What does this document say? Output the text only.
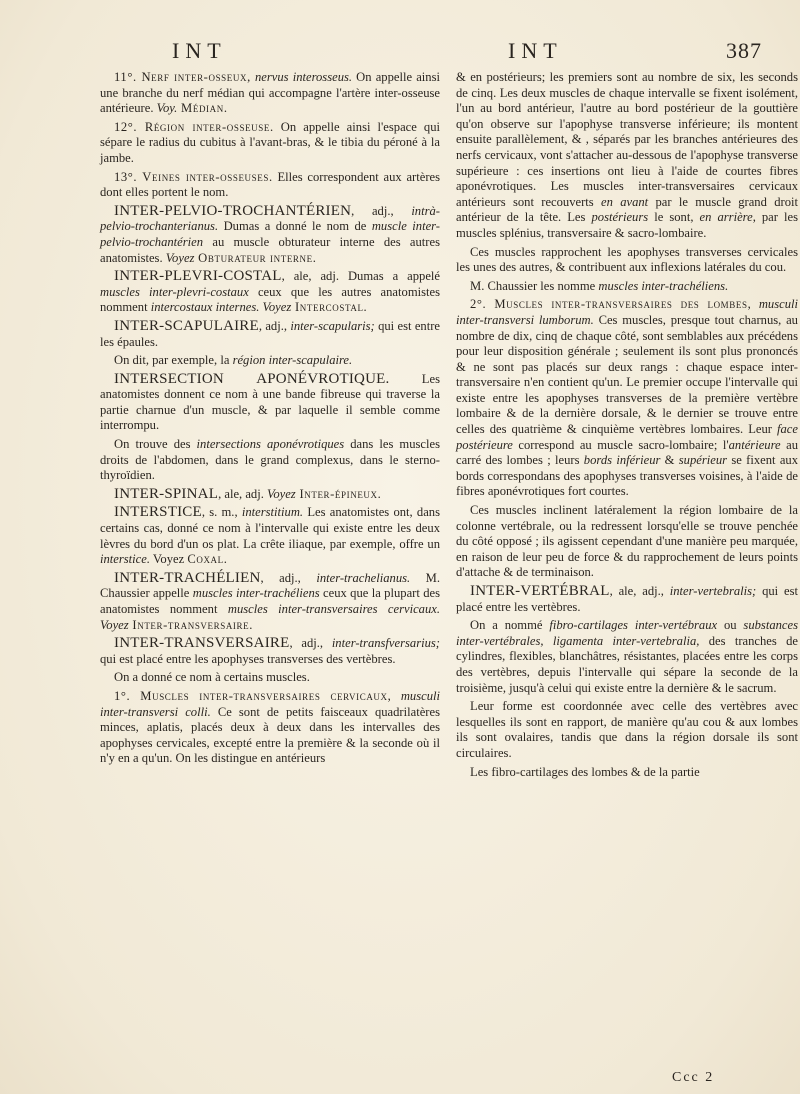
INT	INT	387

11°. Nerf inter-osseux, nervus interosseus. On appelle ainsi une branche du nerf médian qui accompagne l'artère inter-osseuse antérieure. Voy. Médian.

12°. Région inter-osseuse. On appelle ainsi l'espace qui sépare le radius du cubitus à l'avant-bras, & le tibia du péroné à la jambe.

13°. Veines inter-osseuses. Elles correspondent aux artères dont elles portent le nom.

INTER-PELVIO-TROCHANTÉRIEN, adj., intrà-pelvio-trochanterianus. Dumas a donné le nom de muscle inter-pelvio-trochantérien au muscle obturateur interne des autres anatomistes. Voyez Obturateur interne.

INTER-PLEVRI-COSTAL, ale, adj. Dumas a appelé muscles inter-plevri-costaux ceux que les autres anatomistes nomment intercostaux internes. Voyez Intercostal.

INTER-SCAPULAIRE, adj., inter-scapularis; qui est entre les épaules.

On dit, par exemple, la région inter-scapulaire.

INTERSECTION APONÉVROTIQUE. Les anatomistes donnent ce nom à une bande fibreuse qui traverse la partie charnue d'un muscle, & par laquelle il semble comme interrompu.

On trouve des intersections aponévrotiques dans les muscles droits de l'abdomen, dans le grand complexus, dans le sterno-thyroïdien.

INTER-SPINAL, ale, adj. Voyez Inter-épineux.

INTERSTICE, s. m., interstitium. Les anatomistes ont, dans certains cas, donné ce nom à l'intervalle qui existe entre les deux lèvres du bord d'un os plat. La crête iliaque, par exemple, offre un interstice. Voyez Coxal.

INTER-TRACHÉLIEN, adj., inter-trachelianus. M. Chaussier appelle muscles inter-trachéliens ceux que la plupart des anatomistes nomment muscles inter-transversaires cervicaux. Voyez Inter-transversaire.

INTER-TRANSVERSAIRE, adj., inter-transfversarius; qui est placé entre les apophyses transverses des vertèbres.

On a donné ce nom à certains muscles.

1°. Muscles inter-transversaires cervicaux, musculi inter-transversi colli. Ce sont de petits faisceaux quadrilatères minces, aplatis, placés deux à deux dans les intervalles des apophyses cervicales, excepté entre la première & la seconde où il n'y en a qu'un. On les distingue en antérieurs

& en postérieurs; les premiers sont au nombre de six, les seconds de cinq. Les deux muscles de chaque intervalle se fixent isolément, l'un au bord antérieur, l'autre au bord postérieur de la gouttière qu'on observe sur l'apophyse transverse inférieure; ils montent ensuite parallèlement, & , séparés par les branches antérieures des nerfs cervicaux, vont s'attacher au-dessous de l'apophyse transverse supérieure : ces insertions ont lieu à l'aide de courtes fibres aponévrotiques. Les muscles inter-transversaires cervicaux antérieurs sont recouverts en avant par le muscle grand droit antérieur de la tête. Les postérieurs le sont, en arrière, par les muscles splénius, transversaire & sacro-lombaire.

Ces muscles rapprochent les apophyses transverses cervicales les unes des autres, & contribuent aux inflexions latérales du cou.

M. Chaussier les nomme muscles inter-trachéliens.

2°. Muscles inter-transversaires des lombes, musculi inter-transversi lumborum. Ces muscles, presque tout charnus, au nombre de dix, cinq de chaque côté, sont semblables aux précédens pour leur disposition générale ; seulement ils sont plus prononcés & ne sont pas placés sur deux rangs : chaque espace inter-transversaire n'en contient qu'un. Le premier occupe l'intervalle qui existe entre les apophyses transverses de la première vertèbre lombaire & de la dernière dorsale, & le dernier se trouve entre celles des quatrième & cinquième vertèbres lombaires. Leur face postérieure correspond au muscle sacro-lombaire; l'antérieure au carré des lombes ; leurs bords inférieur & supérieur se fixent aux bords correspondans des apophyses transverses voisines, à l'aide de fibres aponévrotiques fort courtes.

Ces muscles inclinent latéralement la région lombaire de la colonne vertébrale, ou la redressent lorsqu'elle se trouve penchée du côté opposé ; ils agissent cependant d'une manière peu marquée, en raison de leur peu de force & du rapprochement de leurs points d'attache & de terminaison.

INTER-VERTÉBRAL, ale, adj., inter-vertebralis; qui est placé entre les vertèbres.

On a nommé fibro-cartilages inter-vertébraux ou substances inter-vertébrales, ligamenta inter-vertebralia, des tranches de cylindres, flexibles, blanchâtres, résistantes, placées entre les corps des vertèbres, depuis l'intervalle qui sépare la seconde de la troisième, jusqu'à celui qui existe entre la dernière & le sacrum.

Leur forme est coordonnée avec celle des vertèbres avec lesquelles ils sont en rapport, de manière qu'au cou & aux lombes ils sont ovalaires, tandis que dans la région dorsale ils sont circulaires.

Les fibro-cartilages des lombes & de la partie

Ccc 2
